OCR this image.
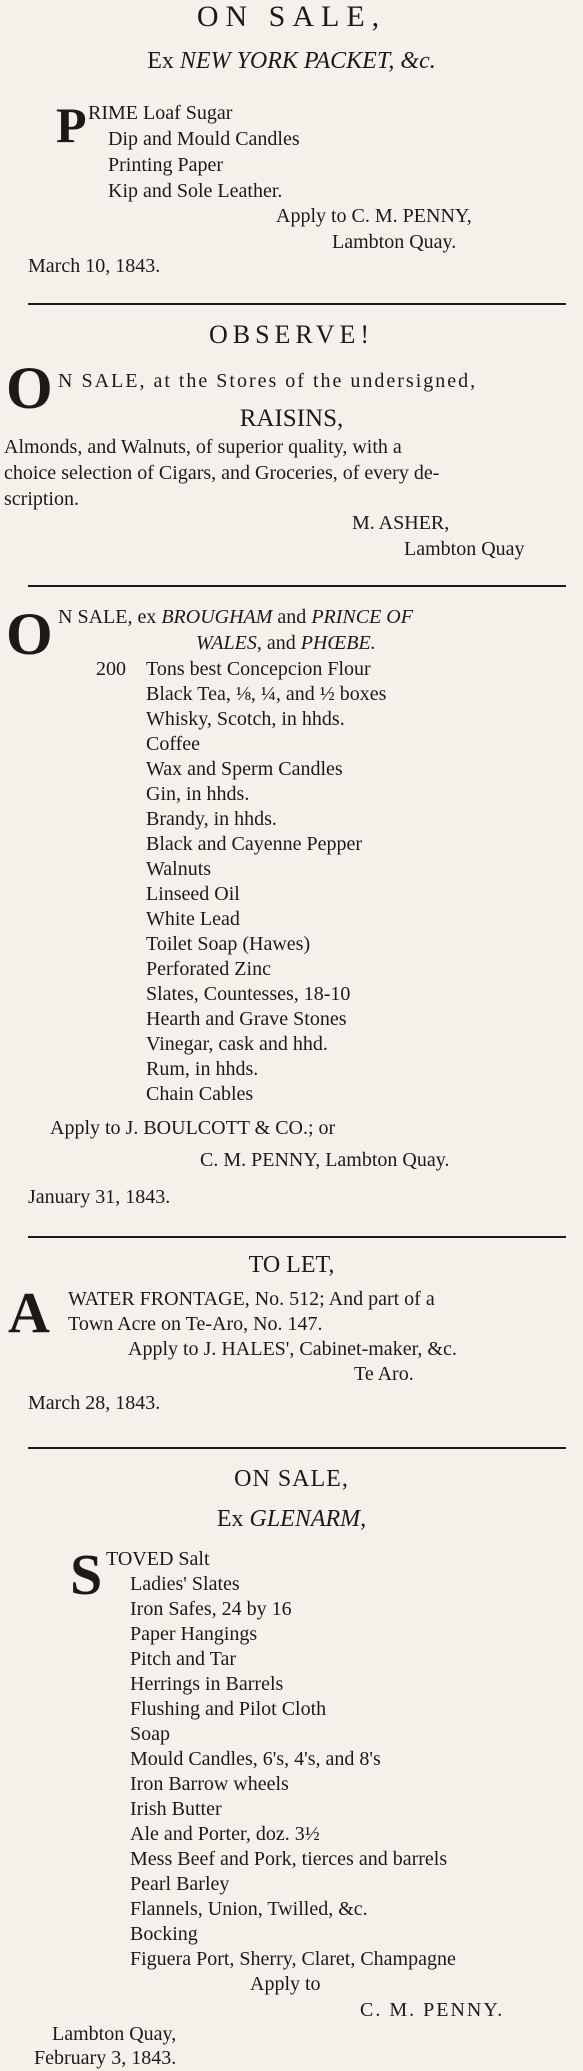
ON SALE,
Ex NEW YORK PACKET, &c.
P RIME Loaf Sugar
Dip and Mould Candles
Printing Paper
Kip and Sole Leather.
Apply to C. M. PENNY,
Lambton Quay.
March 10, 1843.
OBSERVE!
O N SALE, at the Stores of the undersigned,
RAISINS,
Almonds, and Walnuts, of superior quality, with a
choice selection of Cigars, and Groceries, of every de-
scription.
M. ASHER,
Lambton Quay
O N SALE, ex BROUGHAM and PRINCE OF
WALES, and PHŒBE.
200 Tons best Concepcion Flour
Black Tea, ⅛, ¼, and ½ boxes
Whisky, Scotch, in hhds.
Coffee
Wax and Sperm Candles
Gin, in hhds.
Brandy, in hhds.
Black and Cayenne Pepper
Walnuts
Linseed Oil
White Lead
Toilet Soap (Hawes)
Perforated Zinc
Slates, Countesses, 18-10
Hearth and Grave Stones
Vinegar, cask and hhd.
Rum, in hhds.
Chain Cables
Apply to J. BOULCOTT & CO.; or
C. M. PENNY, Lambton Quay.
January 31, 1843.
TO LET,
A WATER FRONTAGE, No. 512; And part of a
Town Acre on Te-Aro, No. 147.
Apply to J. HALES', Cabinet-maker, &c.
Te Aro.
March 28, 1843.
ON SALE,
Ex GLENARM,
S TOVED Salt
Ladies' Slates
Iron Safes, 24 by 16
Paper Hangings
Pitch and Tar
Herrings in Barrels
Flushing and Pilot Cloth
Soap
Mould Candles, 6's, 4's, and 8's
Iron Barrow wheels
Irish Butter
Ale and Porter, doz. 3½
Mess Beef and Pork, tierces and barrels
Pearl Barley
Flannels, Union, Twilled, &c.
Bocking
Figuera Port, Sherry, Claret, Champagne
Apply to
C. M. PENNY.
Lambton Quay,
February 3, 1843.
